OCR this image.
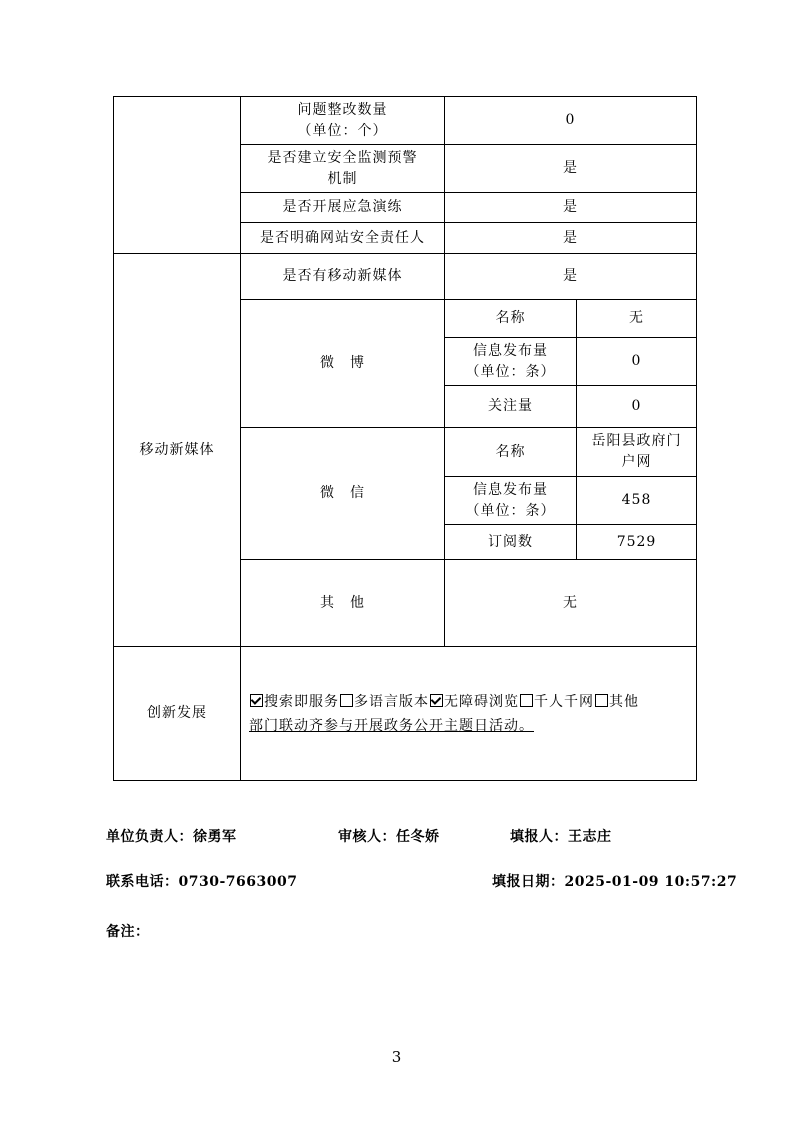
	问题整改数量
（单位：个）	0	
	是否建立安全监测预警
机制	是	
	是否开展应急演练	是	
	是否明确网站安全责任人	是	
移动新媒体	是否有移动新媒体	是	
	微　博	名称	无
		信息发布量
（单位：条）	0
		关注量	0
	微　信	名称	岳阳县政府门
户网
		信息发布量
（单位：条）	458
		订阅数	7529
	其　他	无	
创新发展	搜索即服务 多语言版本 无障碍浏览 千人千网 其他
部门联动齐参与开展政务公开主题日活动。		
单位负责人：徐勇军	审核人：任冬娇	填报人：王志庄
联系电话：0730-7663007	填报日期：2025-01-09 10:57:27
备注：
3
